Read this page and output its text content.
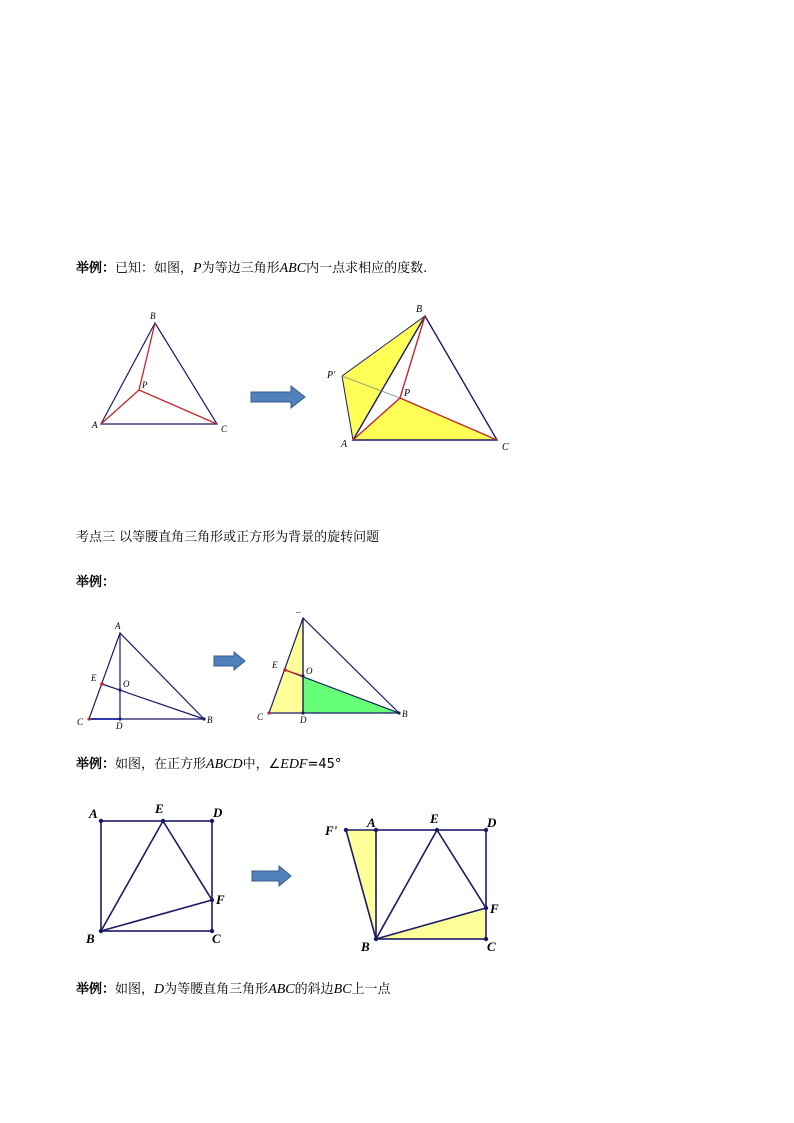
举例：已知：如图，P为等边三角形ABC内一点求相应的度数.
B
P
A	C
B
P'
P
A	C
考点三 以等腰直角三角形或正方形为背景的旋转问题
举例：
A
E
O
C	D
B
--
E
O
C	D
B
举例：如图，在正方形ABCD中，∠EDF=45°
A	E	D
F
B	C
F'
A	E	D
F
B	C
举例：如图，D为等腰直角三角形ABC的斜边BC上一点
